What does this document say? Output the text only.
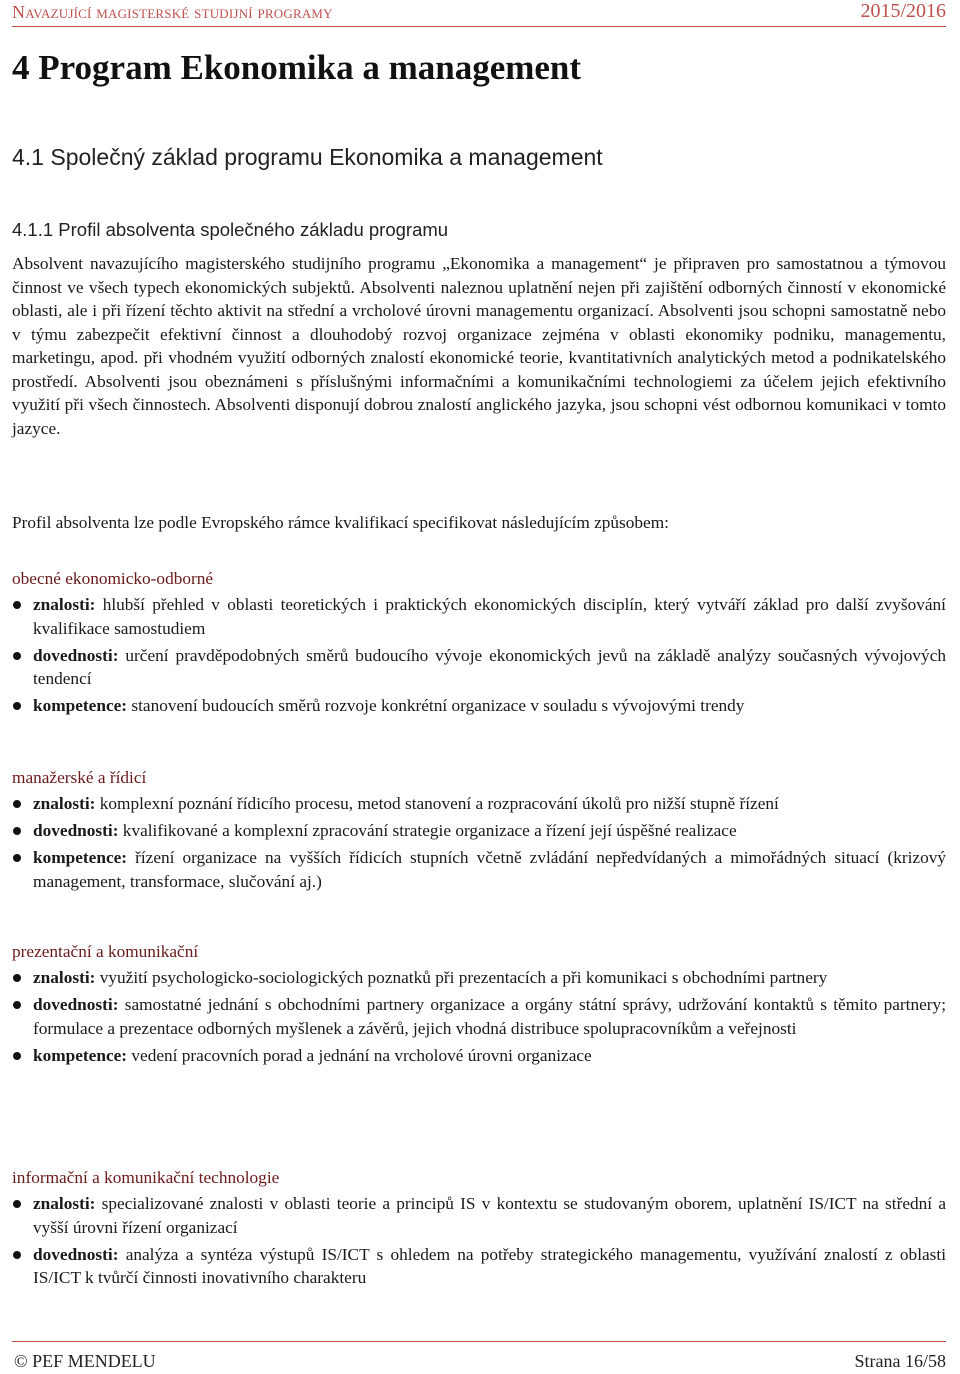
Navazující magisterské studijní programy	2015/2016
4 Program Ekonomika a management
4.1 Společný základ programu Ekonomika a management
4.1.1 Profil absolventa společného základu programu

Absolvent navazujícího magisterského studijního programu „Ekonomika a management“ je připraven pro samostatnou a týmovou činnost ve všech typech ekonomických subjektů. Absolventi naleznou uplatnění nejen při zajištění odborných činností v ekonomické oblasti, ale i při řízení těchto aktivit na střední a vrcholové úrovni managementu organizací. Absolventi jsou schopni samostatně nebo v týmu zabezpečit efektivní činnost a dlouhodobý rozvoj organizace zejména v oblasti ekonomiky podniku, managementu, marketingu, apod. při vhodném využití odborných znalostí ekonomické teorie, kvantitativních analytických metod a podnikatelského prostředí. Absolventi jsou obeznámeni s příslušnými informačními a komunikačními technologiemi za účelem jejich efektivního využití při všech činnostech. Absolventi disponují dobrou znalostí anglického jazyka, jsou schopni vést odbornou komunikaci v tomto jazyce.

Profil absolventa lze podle Evropského rámce kvalifikací specifikovat následujícím způsobem:

obecné ekonomicko-odborné
znalosti: hlubší přehled v oblasti teoretických i praktických ekonomických disciplín, který vytváří základ pro další zvyšování kvalifikace samostudiem
dovednosti: určení pravděpodobných směrů budoucího vývoje ekonomických jevů na základě analýzy současných vývojových tendencí
kompetence: stanovení budoucích směrů rozvoje konkrétní organizace v souladu s vývojovými trendy
manažerské a řídicí
znalosti: komplexní poznání řídicího procesu, metod stanovení a rozpracování úkolů pro nižší stupně řízení
dovednosti: kvalifikované a komplexní zpracování strategie organizace a řízení její úspěšné realizace
kompetence: řízení organizace na vyšších řídicích stupních včetně zvládání nepředvídaných a mimořádných situací (krizový management, transformace, slučování aj.)
prezentační a komunikační
znalosti: využití psychologicko-sociologických poznatků při prezentacích a při komunikaci s obchodními partnery
dovednosti: samostatné jednání s obchodními partnery organizace a orgány státní správy, udržování kontaktů s těmito partnery; formulace a prezentace odborných myšlenek a závěrů, jejich vhodná distribuce spolupracovníkům a veřejnosti
kompetence: vedení pracovních porad a jednání na vrcholové úrovni organizace
informační a komunikační technologie
znalosti: specializované znalosti v oblasti teorie a principů IS v kontextu se studovaným oborem, uplatnění IS/ICT na střední a vyšší úrovni řízení organizací
dovednosti: analýza a syntéza výstupů IS/ICT s ohledem na potřeby strategického managementu, využívání znalostí z oblasti IS/ICT k tvůrčí činnosti inovativního charakteru
© PEF MENDELU	Strana 16/58
